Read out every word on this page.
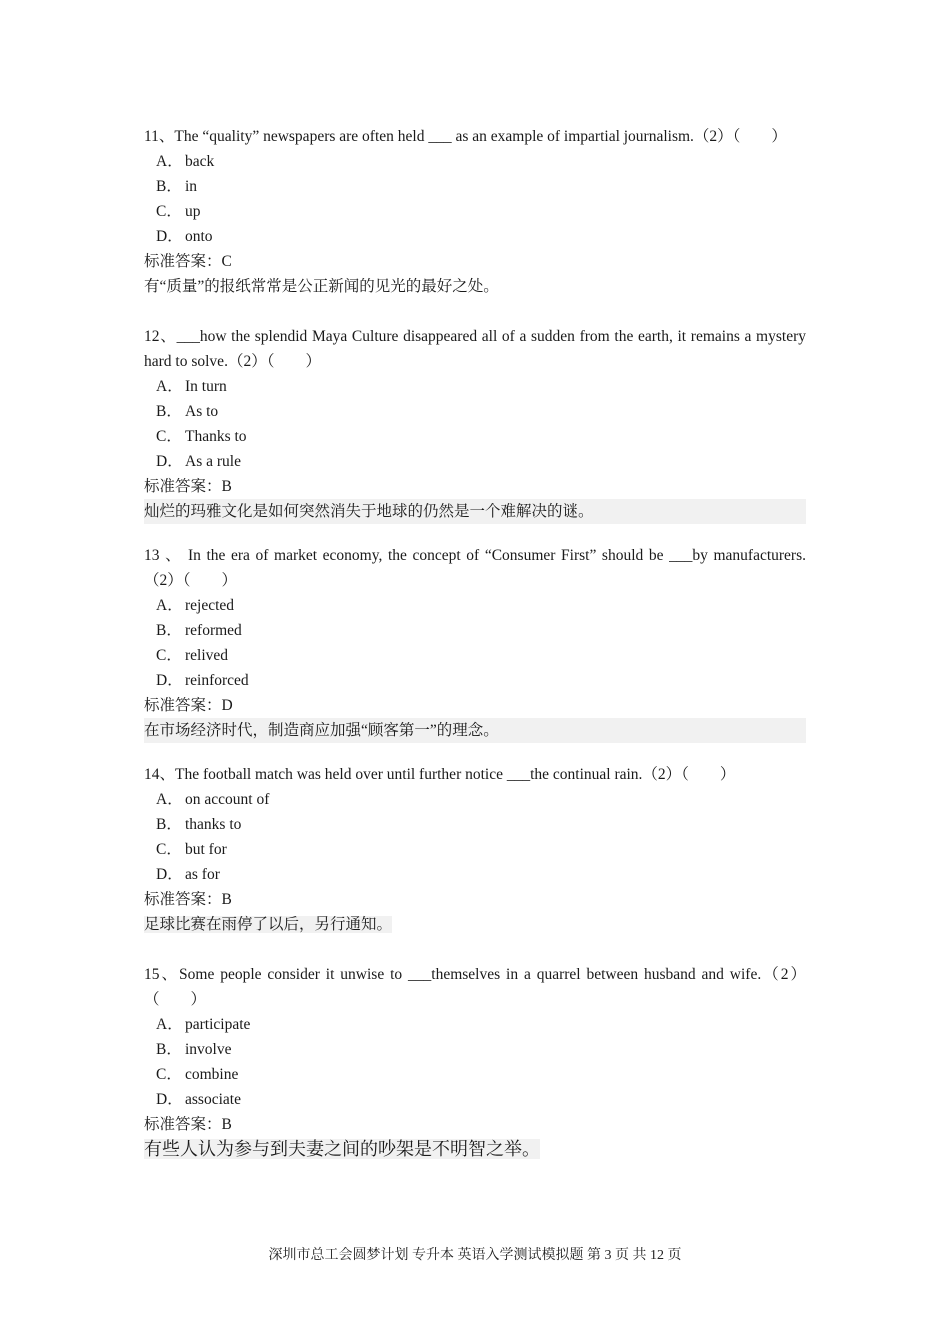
11、The “quality” newspapers are often held ___ as an example of impartial journalism.（2）（　　）

A． back

B． in

C． up

D． onto

标准答案：C

有“质量”的报纸常常是公正新闻的见光的最好之处。

12、___how the splendid Maya Culture disappeared all of a sudden from the earth, it remains a mystery hard to solve.（2）（　　）

A． In turn

B． As to

C． Thanks to

D． As a rule

标准答案：B

灿烂的玛雅文化是如何突然消失于地球的仍然是一个难解决的谜。

13 、 In the era of market economy, the concept of “Consumer First” should be ___by manufacturers.（2）（　　）

A． rejected

B． reformed

C． relived

D． reinforced

标准答案：D

在市场经济时代，制造商应加强“顾客第一”的理念。

14、The football match was held over until further notice ___the continual rain.（2）（　　）

A． on account of

B． thanks to

C． but for

D． as for

标准答案：B

足球比赛在雨停了以后，另行通知。

15、Some people consider it unwise to ___themselves in a quarrel between husband and wife.（2）（　　）

A． participate

B． involve

C． combine

D． associate

标准答案：B

有些人认为参与到夫妻之间的吵架是不明智之举。

深圳市总工会圆梦计划 专升本 英语入学测试模拟题 第 3 页 共 12 页
